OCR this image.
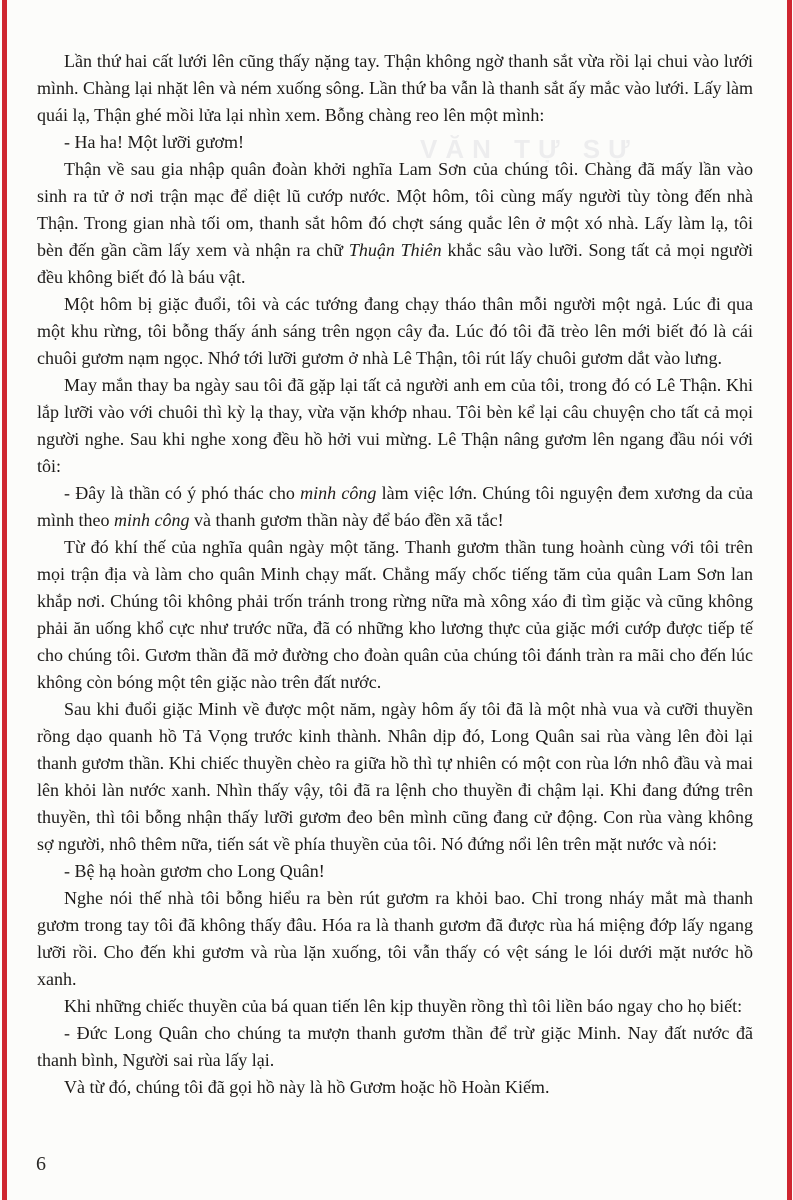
VĂN TỰ SỰ

Lần thứ hai cất lưới lên cũng thấy nặng tay. Thận không ngờ thanh sắt vừa rồi lại chui vào lưới mình. Chàng lại nhặt lên và ném xuống sông. Lần thứ ba vẫn là thanh sắt ấy mắc vào lưới. Lấy làm quái lạ, Thận ghé mồi lửa lại nhìn xem. Bỗng chàng reo lên một mình:

- Ha ha! Một lưỡi gươm!

Thận về sau gia nhập quân đoàn khởi nghĩa Lam Sơn của chúng tôi. Chàng đã mấy lần vào sinh ra tử ở nơi trận mạc để diệt lũ cướp nước. Một hôm, tôi cùng mấy người tùy tòng đến nhà Thận. Trong gian nhà tối om, thanh sắt hôm đó chợt sáng quắc lên ở một xó nhà. Lấy làm lạ, tôi bèn đến gần cầm lấy xem và nhận ra chữ Thuận Thiên khắc sâu vào lưỡi. Song tất cả mọi người đều không biết đó là báu vật.

Một hôm bị giặc đuổi, tôi và các tướng đang chạy tháo thân mỗi người một ngả. Lúc đi qua một khu rừng, tôi bỗng thấy ánh sáng trên ngọn cây đa. Lúc đó tôi đã trèo lên mới biết đó là cái chuôi gươm nạm ngọc. Nhớ tới lưỡi gươm ở nhà Lê Thận, tôi rút lấy chuôi gươm dắt vào lưng.

May mắn thay ba ngày sau tôi đã gặp lại tất cả người anh em của tôi, trong đó có Lê Thận. Khi lắp lưỡi vào với chuôi thì kỳ lạ thay, vừa vặn khớp nhau. Tôi bèn kể lại câu chuyện cho tất cả mọi người nghe. Sau khi nghe xong đều hồ hởi vui mừng. Lê Thận nâng gươm lên ngang đầu nói với tôi:

- Đây là thần có ý phó thác cho minh công làm việc lớn. Chúng tôi nguyện đem xương da của mình theo minh công và thanh gươm thần này để báo đền xã tắc!

Từ đó khí thế của nghĩa quân ngày một tăng. Thanh gươm thần tung hoành cùng với tôi trên mọi trận địa và làm cho quân Minh chạy mất. Chẳng mấy chốc tiếng tăm của quân Lam Sơn lan khắp nơi. Chúng tôi không phải trốn tránh trong rừng nữa mà xông xáo đi tìm giặc và cũng không phải ăn uống khổ cực như trước nữa, đã có những kho lương thực của giặc mới cướp được tiếp tế cho chúng tôi. Gươm thần đã mở đường cho đoàn quân của chúng tôi đánh tràn ra mãi cho đến lúc không còn bóng một tên giặc nào trên đất nước.

Sau khi đuổi giặc Minh về được một năm, ngày hôm ấy tôi đã là một nhà vua và cưỡi thuyền rồng dạo quanh hồ Tả Vọng trước kinh thành. Nhân dịp đó, Long Quân sai rùa vàng lên đòi lại thanh gươm thần. Khi chiếc thuyền chèo ra giữa hồ thì tự nhiên có một con rùa lớn nhô đầu và mai lên khỏi làn nước xanh. Nhìn thấy vậy, tôi đã ra lệnh cho thuyền đi chậm lại. Khi đang đứng trên thuyền, thì tôi bỗng nhận thấy lưỡi gươm đeo bên mình cũng đang cử động. Con rùa vàng không sợ người, nhô thêm nữa, tiến sát về phía thuyền của tôi. Nó đứng nổi lên trên mặt nước và nói:

- Bệ hạ hoàn gươm cho Long Quân!

Nghe nói thế nhà tôi bỗng hiểu ra bèn rút gươm ra khỏi bao. Chỉ trong nháy mắt mà thanh gươm trong tay tôi đã không thấy đâu. Hóa ra là thanh gươm đã được rùa há miệng đớp lấy ngang lưỡi rồi. Cho đến khi gươm và rùa lặn xuống, tôi vẫn thấy có vệt sáng le lói dưới mặt nước hồ xanh.

Khi những chiếc thuyền của bá quan tiến lên kịp thuyền rồng thì tôi liền báo ngay cho họ biết:

- Đức Long Quân cho chúng ta mượn thanh gươm thần để trừ giặc Minh. Nay đất nước đã thanh bình, Người sai rùa lấy lại.

Và từ đó, chúng tôi đã gọi hồ này là hồ Gươm hoặc hồ Hoàn Kiếm.

6
